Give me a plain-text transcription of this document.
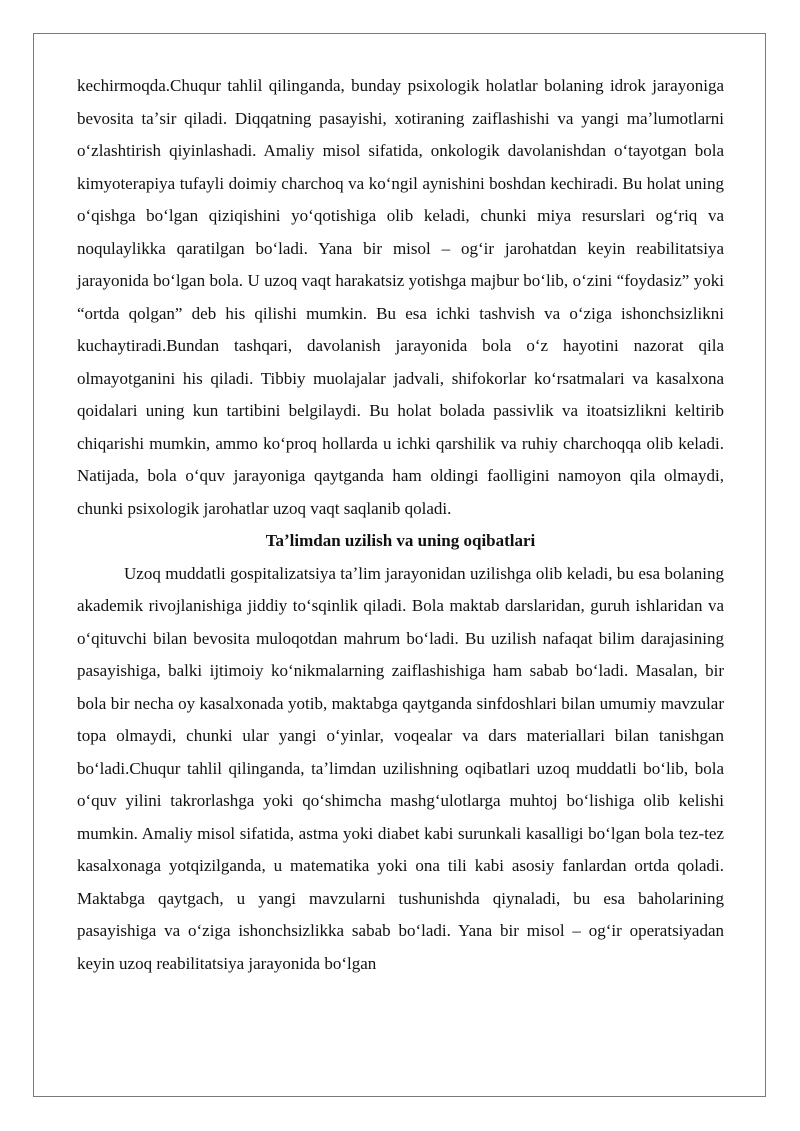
kechirmoqda.Chuqur tahlil qilinganda, bunday psixologik holatlar bolaning idrok jarayoniga bevosita taʼsir qiladi. Diqqatning pasayishi, xotiraning zaiflashishi va yangi maʼlumotlarni oʻzlashtirish qiyinlashadi. Amaliy misol sifatida, onkologik davolanishdan oʻtayotgan bola kimyoterapiya tufayli doimiy charchoq va koʻngil aynishini boshdan kechiradi. Bu holat uning oʻqishga boʻlgan qiziqishini yoʻqotishiga olib keladi, chunki miya resurslari ogʻriq va noqulaylikka qaratilgan boʻladi. Yana bir misol – ogʻir jarohatdan keyin reabilitatsiya jarayonida boʻlgan bola. U uzoq vaqt harakatsiz yotishga majbur boʻlib, oʻzini “foydasiz” yoki “ortda qolgan” deb his qilishi mumkin. Bu esa ichki tashvish va oʻziga ishonchsizlikni kuchaytiradi.Bundan tashqari, davolanish jarayonida bola oʻz hayotini nazorat qila olmayotganini his qiladi. Tibbiy muolajalar jadvali, shifokorlar koʻrsatmalari va kasalxona qoidalari uning kun tartibini belgilaydi. Bu holat bolada passivlik va itoatsizlikni keltirib chiqarishi mumkin, ammo koʻproq hollarda u ichki qarshilik va ruhiy charchoqqa olib keladi. Natijada, bola oʻquv jarayoniga qaytganda ham oldingi faolligini namoyon qila olmaydi, chunki psixologik jarohatlar uzoq vaqt saqlanib qoladi.

Taʼlimdan uzilish va uning oqibatlari

Uzoq muddatli gospitalizatsiya taʼlim jarayonidan uzilishga olib keladi, bu esa bolaning akademik rivojlanishiga jiddiy toʻsqinlik qiladi. Bola maktab darslaridan, guruh ishlaridan va oʻqituvchi bilan bevosita muloqotdan mahrum boʻladi. Bu uzilish nafaqat bilim darajasining pasayishiga, balki ijtimoiy koʻnikmalarning zaiflashishiga ham sabab boʻladi. Masalan, bir bola bir necha oy kasalxonada yotib, maktabga qaytganda sinfdoshlari bilan umumiy mavzular topa olmaydi, chunki ular yangi oʻyinlar, voqealar va dars materiallari bilan tanishgan boʻladi.Chuqur tahlil qilinganda, taʼlimdan uzilishning oqibatlari uzoq muddatli boʻlib, bola oʻquv yilini takrorlashga yoki qoʻshimcha mashgʻulotlarga muhtoj boʻlishiga olib kelishi mumkin. Amaliy misol sifatida, astma yoki diabet kabi surunkali kasalligi boʻlgan bola tez-tez kasalxonaga yotqizilganda, u matematika yoki ona tili kabi asosiy fanlardan ortda qoladi. Maktabga qaytgach, u yangi mavzularni tushunishda qiynaladi, bu esa baholarining pasayishiga va oʻziga ishonchsizlikka sabab boʻladi. Yana bir misol – ogʻir operatsiyadan keyin uzoq reabilitatsiya jarayonida boʻlgan
